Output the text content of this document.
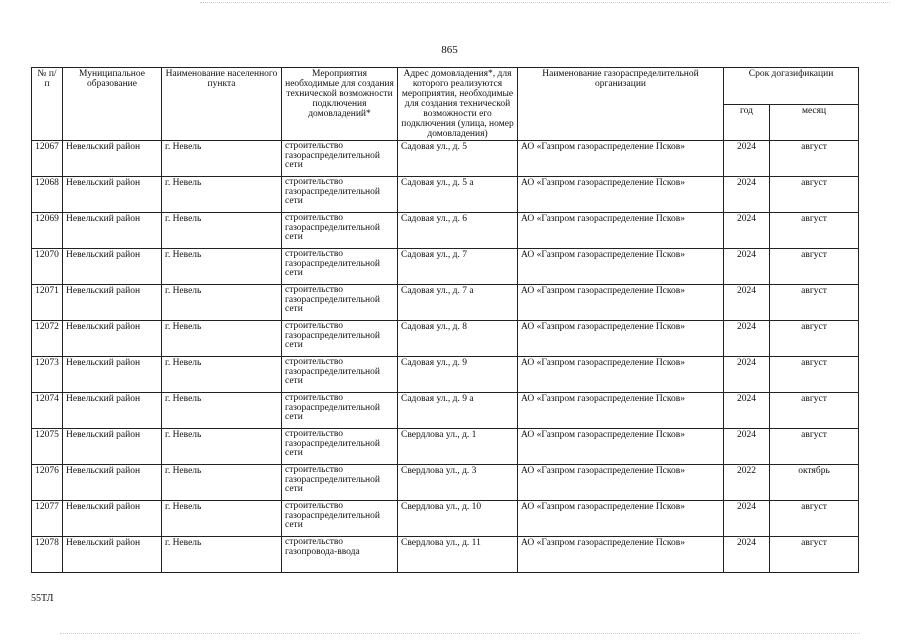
865
№ п/п	Муниципальное образование	Наименование населенного пункта	Мероприятия необходимые для создания технической возможности подключения домовладений*	Адрес домовладения*, для которого реализуются мероприятия, необходимые для создания технической возможности его подключения (улица, номер домовладения)	Наименование газораспределительной организации	Срок догазификации	
						год	месяц
12067	Невельский район	г. Невель	строительство газораспределительной сети	Садовая ул., д. 5	АО «Газпром газораспределение Псков»	2024	август
12068	Невельский район	г. Невель	строительство газораспределительной сети	Садовая ул., д. 5 а	АО «Газпром газораспределение Псков»	2024	август
12069	Невельский район	г. Невель	строительство газораспределительной сети	Садовая ул., д. 6	АО «Газпром газораспределение Псков»	2024	август
12070	Невельский район	г. Невель	строительство газораспределительной сети	Садовая ул., д. 7	АО «Газпром газораспределение Псков»	2024	август
12071	Невельский район	г. Невель	строительство газораспределительной сети	Садовая ул., д. 7 а	АО «Газпром газораспределение Псков»	2024	август
12072	Невельский район	г. Невель	строительство газораспределительной сети	Садовая ул., д. 8	АО «Газпром газораспределение Псков»	2024	август
12073	Невельский район	г. Невель	строительство газораспределительной сети	Садовая ул., д. 9	АО «Газпром газораспределение Псков»	2024	август
12074	Невельский район	г. Невель	строительство газораспределительной сети	Садовая ул., д. 9 а	АО «Газпром газораспределение Псков»	2024	август
12075	Невельский район	г. Невель	строительство газораспределительной сети	Свердлова ул., д. 1	АО «Газпром газораспределение Псков»	2024	август
12076	Невельский район	г. Невель	строительство газораспределительной сети	Свердлова ул., д. 3	АО «Газпром газораспределение Псков»	2022	октябрь
12077	Невельский район	г. Невель	строительство газораспределительной сети	Свердлова ул., д. 10	АО «Газпром газораспределение Псков»	2024	август
12078	Невельский район	г. Невель	строительство газопровода-ввода	Свердлова ул., д. 11	АО «Газпром газораспределение Псков»	2024	август
55ТЛ
